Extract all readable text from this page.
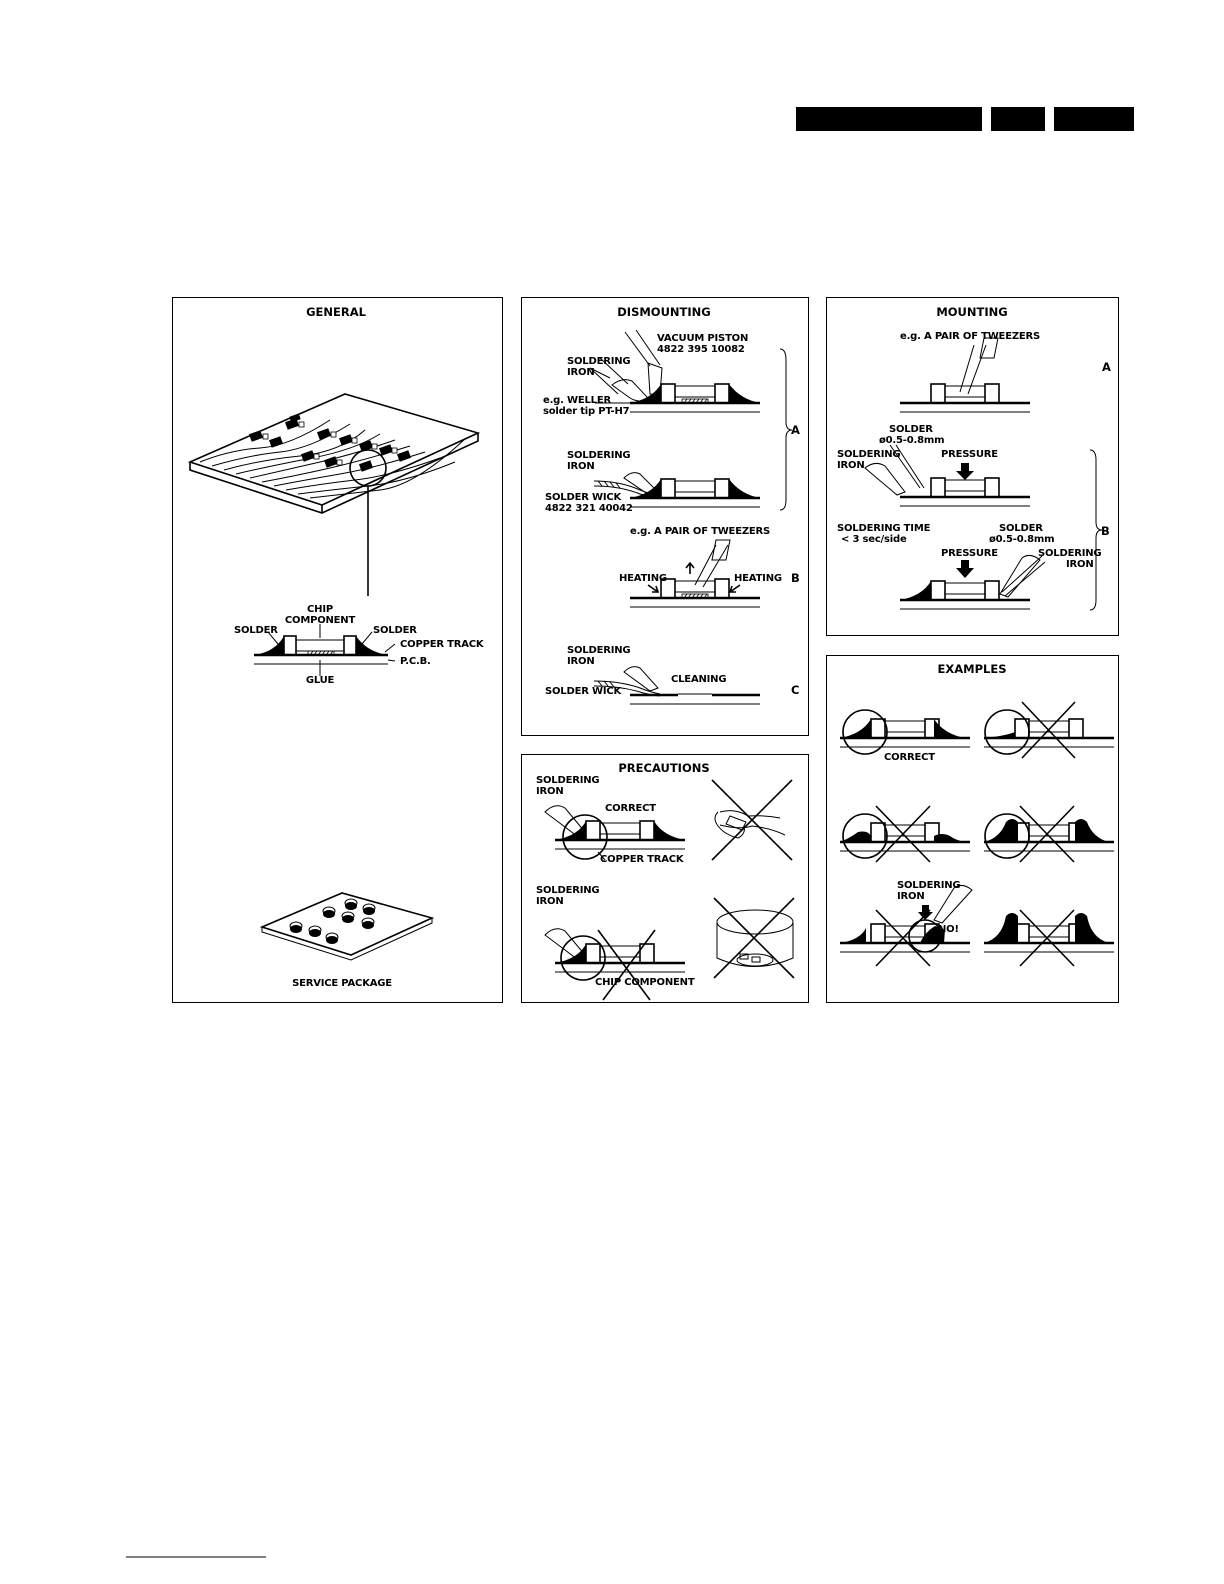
GENERAL
CHIP
COMPONENT
SOLDER	SOLDER
COPPER TRACK
P.C.B.
GLUE
SERVICE PACKAGE
DISMOUNTING
VACUUM PISTON
4822 395 10082
SOLDERING
IRON
e.g. WELLER
solder tip PT-H7
SOLDERING
IRON
SOLDER WICK
4822 321 40042
A
e.g. A PAIR OF TWEEZERS
HEATING	HEATING B
SOLDERING
IRON
CLEANING
SOLDER WICK	C
PRECAUTIONS
SOLDERING
IRON
CORRECT
COPPER TRACK
SOLDERING
IRON
CHIP COMPONENT
MOUNTING
e.g. A PAIR OF TWEEZERS
A
SOLDER
ø0.5-0.8mm
SOLDERING
IRON
PRESSURE
SOLDERING TIME
< 3 sec/side
SOLDER
ø0.5-0.8mm
PRESSURE	SOLDERING
IRON
B
EXAMPLES
CORRECT
SOLDERING
IRON
NO!
